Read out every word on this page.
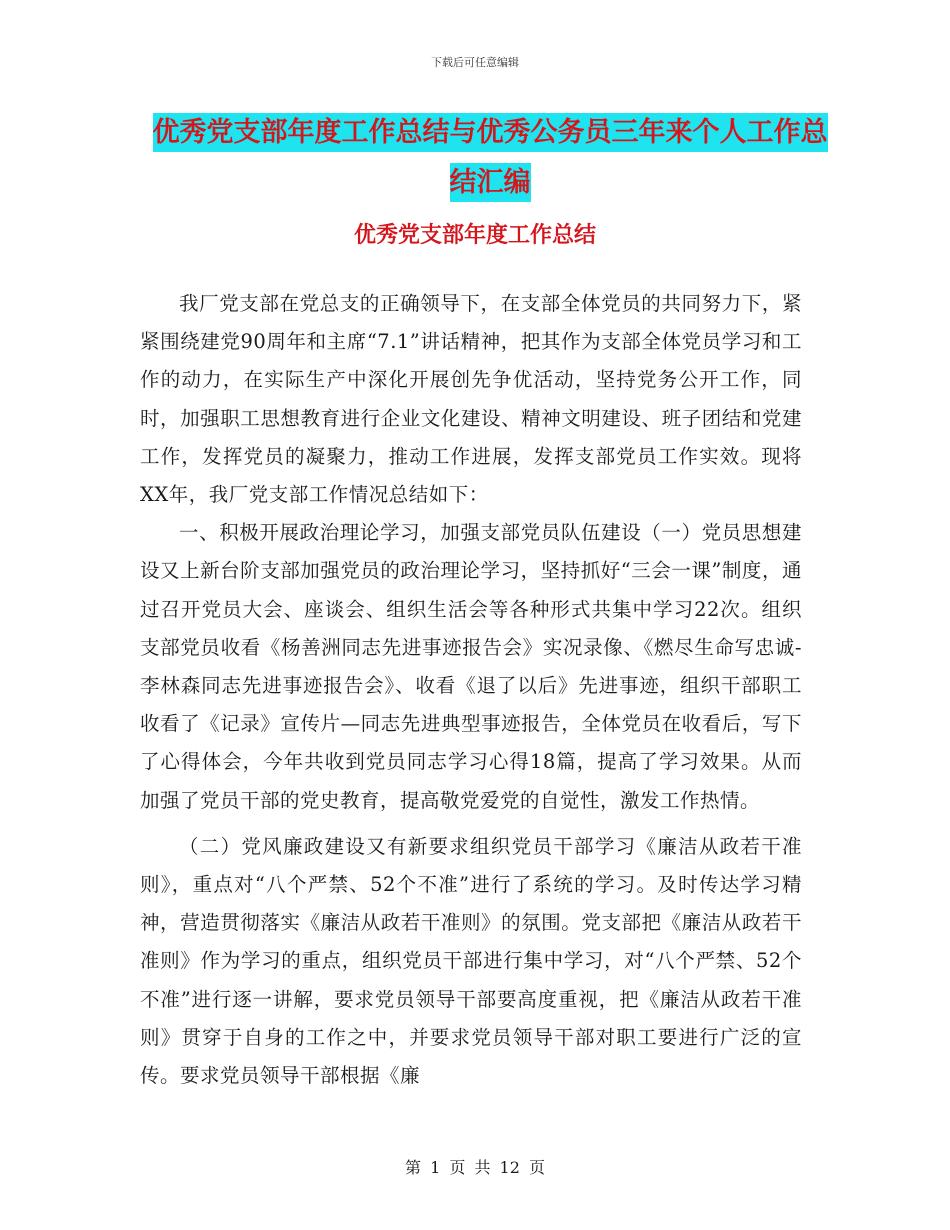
下载后可任意编辑
优秀党支部年度工作总结与优秀公务员三年来个人工作总结汇编
优秀党支部年度工作总结

我厂党支部在党总支的正确领导下，在支部全体党员的共同努力下，紧紧围绕建党90周年和主席“7.1”讲话精神，把其作为支部全体党员学习和工作的动力，在实际生产中深化开展创先争优活动，坚持党务公开工作，同时，加强职工思想教育进行企业文化建设、精神文明建设、班子团结和党建工作，发挥党员的凝聚力，推动工作进展，发挥支部党员工作实效。现将XX年，我厂党支部工作情况总结如下：

一、积极开展政治理论学习，加强支部党员队伍建设（一）党员思想建设又上新台阶支部加强党员的政治理论学习，坚持抓好“三会一课”制度，通过召开党员大会、座谈会、组织生活会等各种形式共集中学习22次。组织支部党员收看《杨善洲同志先进事迹报告会》实况录像、《燃尽生命写忠诚-李林森同志先进事迹报告会》、收看《退了以后》先进事迹，组织干部职工收看了《记录》宣传片—同志先进典型事迹报告，全体党员在收看后，写下了心得体会，今年共收到党员同志学习心得18篇，提高了学习效果。从而加强了党员干部的党史教育，提高敬党爱党的自觉性，激发工作热情。

（二）党风廉政建设又有新要求组织党员干部学习《廉洁从政若干准则》，重点对“八个严禁、52个不准”进行了系统的学习。及时传达学习精神，营造贯彻落实《廉洁从政若干准则》的氛围。党支部把《廉洁从政若干准则》作为学习的重点，组织党员干部进行集中学习，对“八个严禁、52个不准”进行逐一讲解，要求党员领导干部要高度重视，把《廉洁从政若干准则》贯穿于自身的工作之中，并要求党员领导干部对职工要进行广泛的宣传。要求党员领导干部根据《廉

第 1 页 共 12 页
